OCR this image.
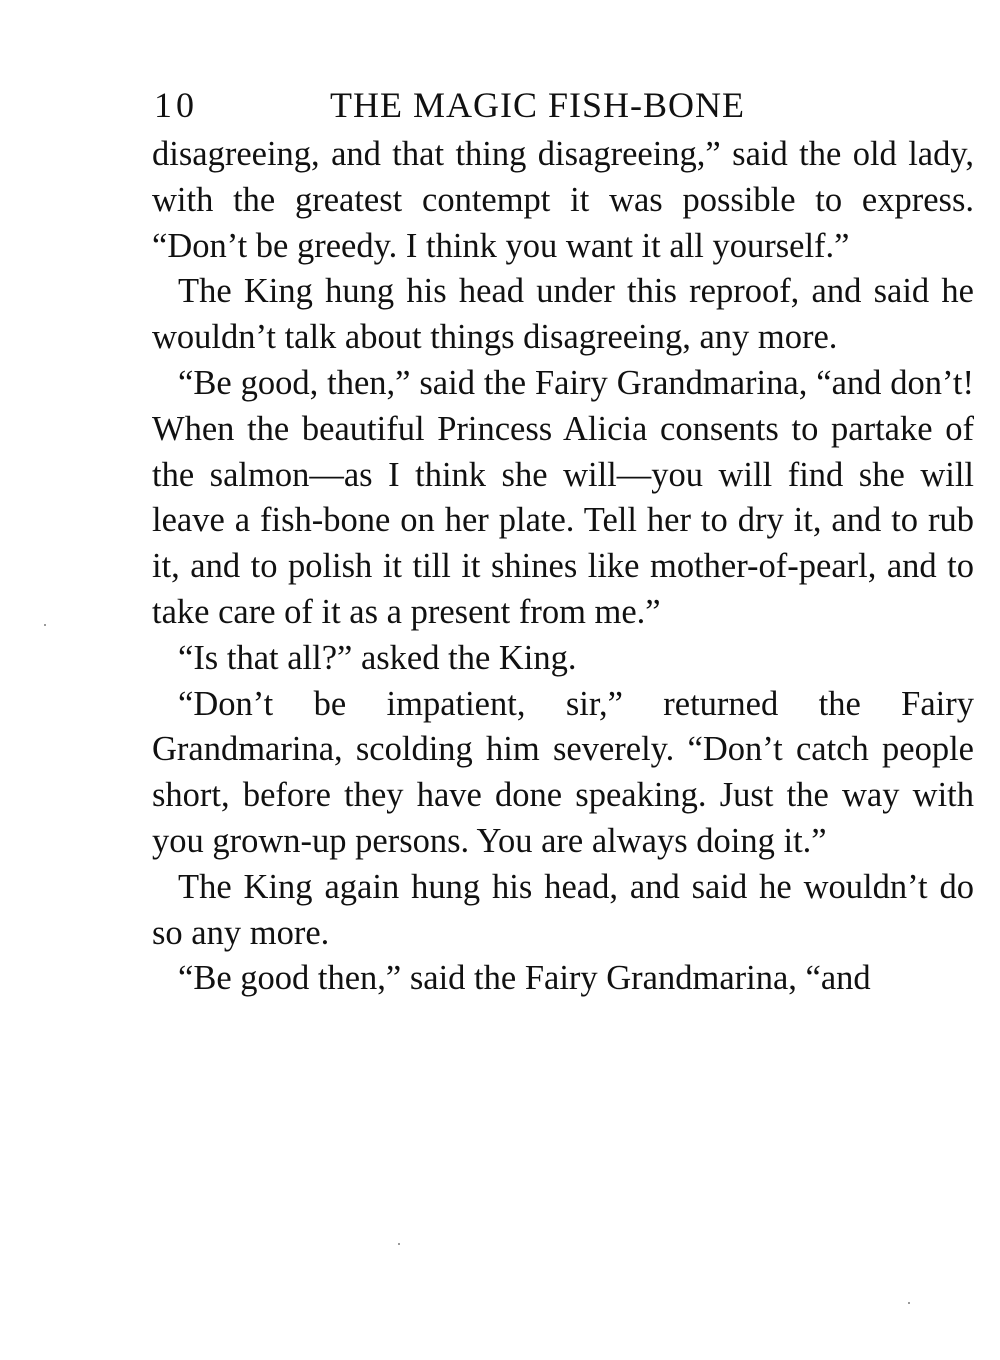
10	THE MAGIC FISH-BONE

disagreeing, and that thing disagreeing,” said the old lady, with the greatest contempt it was possible to express. “Don’t be greedy. I think you want it all yourself.”

The King hung his head under this reproof, and said he wouldn’t talk about things disagreeing, any more.

“Be good, then,” said the Fairy Grandmarina, “and don’t! When the beautiful Princess Alicia consents to partake of the salmon—as I think she will—you will find she will leave a fish-bone on her plate. Tell her to dry it, and to rub it, and to polish it till it shines like mother-of-pearl, and to take care of it as a present from me.”

“Is that all?” asked the King.

“Don’t be impatient, sir,” returned the Fairy Grandmarina, scolding him severely. “Don’t catch people short, before they have done speaking. Just the way with you grown-up persons. You are always doing it.”

The King again hung his head, and said he wouldn’t do so any more.

“Be good then,” said the Fairy Grandmarina, “and
